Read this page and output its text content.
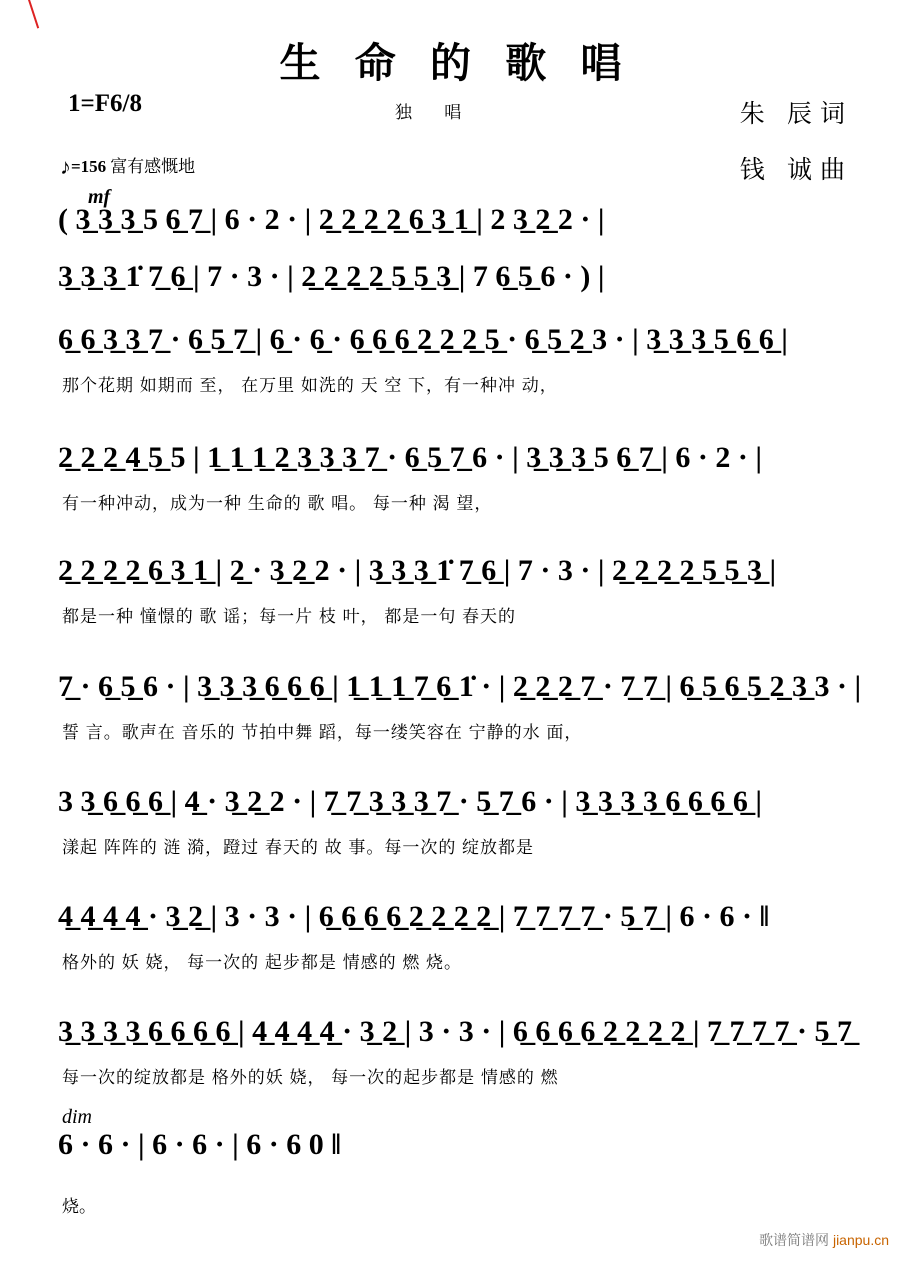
生 命 的 歌 唱
1=F6/8	独 唱	朱 辰词
钱 诚曲
♪=156 富有感慨地
mf
dim
( 3̲ 3̲ 3̲ 5 6̲ 7̲ | 6 · 2 · | 2̲ 2̲ 2̲ 2̲ 6̲ 3̲ 1̲ | 2 3̲ 2̲ 2 · |
3̲ 3̲ 3̲ 1̇ 7̲ 6̲ | 7 · 3 · | 2̲ 2̲ 2̲ 2̲ 5̲ 5̲ 3̲ | 7 6̲ 5̲ 6 · ) |
6̲ 6̲ 3̲ 3̲ 7̲ · 6̲ 5̲ 7̲ | 6̲ · 6̲ · 6̲ 6̲ 6̲ 2̲ 2̲ 2̲ 5̲ · 6̲ 5̲ 2̲ 3 · | 3̲ 3̲ 3̲ 5̲ 6̲ 6̲ |
那个花期 如期而 至， 在万里 如洗的 天 空 下，有一种冲 动，
2̲ 2̲ 2̲ 4̲ 5̲ 5 | 1̲ 1̲ 1̲ 2̲ 3̲ 3̲ 3̲ 7̲ · 6̲ 5̲ 7̲ 6 · | 3̲ 3̲ 3̲ 5 6̲ 7̲ | 6 · 2 · |
有一种冲动，成为一种 生命的 歌 唱。 每一种 渴 望，
2̲ 2̲ 2̲ 2̲ 6̲ 3̲ 1̲ | 2̲ · 3̲ 2̲ 2 · | 3̲ 3̲ 3̲ 1̇ 7̲ 6̲ | 7 · 3 · | 2̲ 2̲ 2̲ 2̲ 5̲ 5̲ 3̲ |
都是一种 憧憬的 歌 谣；每一片 枝 叶， 都是一句 春天的
7̲ · 6̲ 5̲ 6 · | 3̲ 3̲ 3̲ 6̲ 6̲ 6̲ | 1̲ 1̲ 1̲ 7̲ 6̲ 1̇ · | 2̲ 2̲ 2̲ 7̲ · 7̲ 7̲ | 6̲ 5̲ 6̲ 5̲ 2̲ 3̲ 3 · |
誓 言。歌声在 音乐的 节拍中舞 蹈，每一缕笑容在 宁静的水 面，
3 3̲ 6̲ 6̲ 6̲ | 4̲ · 3̲ 2̲ 2 · | 7̲ 7̲ 3̲ 3̲ 3̲ 7̲ · 5̲ 7̲ 6 · | 3̲ 3̲ 3̲ 3̲ 6̲ 6̲ 6̲ 6̲ |
漾起 阵阵的 涟 漪，蹬过 春天的 故 事。每一次的 绽放都是
4̲ 4̲ 4̲ 4̲ · 3̲ 2̲ | 3 · 3 · | 6̲ 6̲ 6̲ 6̲ 2̲ 2̲ 2̲ 2̲ | 7̲ 7̲ 7̲ 7̲ · 5̲ 7̲ | 6 · 6 · ‖
格外的 妖 娆， 每一次的 起步都是 情感的 燃 烧。
3̲ 3̲ 3̲ 3̲ 6̲ 6̲ 6̲ 6̲ | 4̲ 4̲ 4̲ 4̲ · 3̲ 2̲ | 3 · 3 · | 6̲ 6̲ 6̲ 6̲ 2̲ 2̲ 2̲ 2̲ | 7̲ 7̲ 7̲ 7̲ · 5̲ 7̲
每一次的绽放都是 格外的妖 娆， 每一次的起步都是 情感的 燃
6 · 6 · | 6 · 6 · | 6 · 6 0 ‖
烧。
歌谱简谱网 jianpu.cn
